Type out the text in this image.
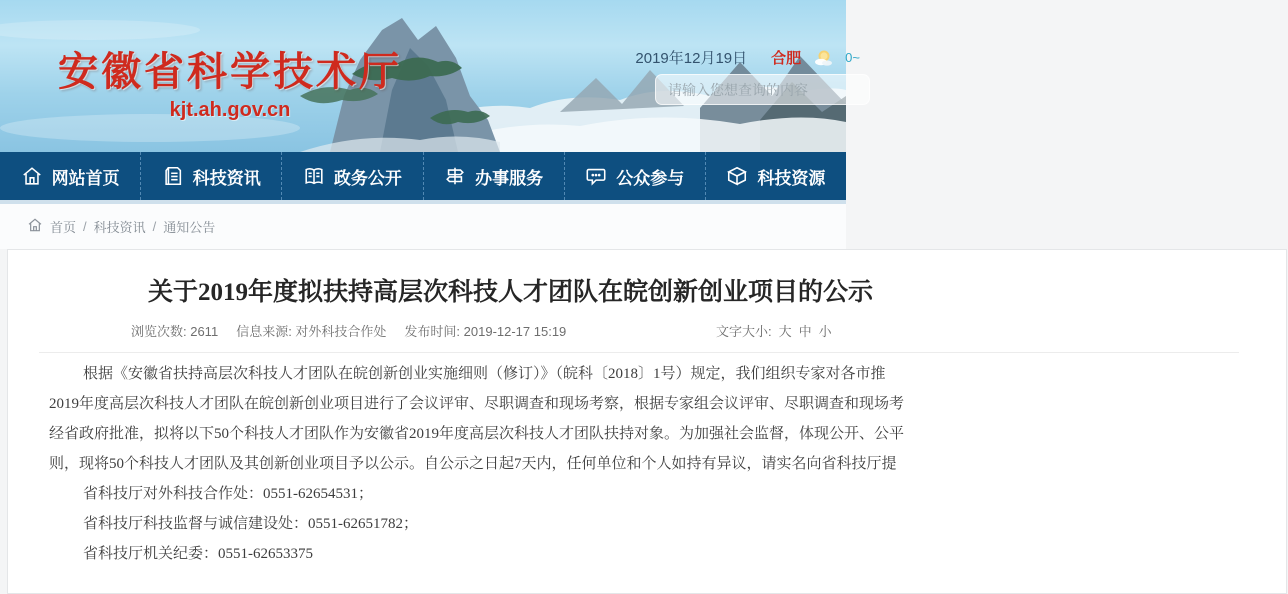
安徽省科学技术厅
kjt.ah.gov.cn
2019年12月19日 合肥	0~
请输入您想查询的内容
网站首页	科技资讯	政务公开	办事服务	公众参与	科技资源
首页 / 科技资讯 / 通知公告
关于2019年度拟扶持高层次科技人才团队在皖创新创业项目的公示
浏览次数: 2611 信息来源: 对外科技合作处 发布时间: 2019-12-17 15:19	文字大小: 大 中 小
根据《安徽省扶持高层次科技人才团队在皖创新创业实施细则（修订）》（皖科〔2018〕1号）规定，我们组织专家对各市推
2019年度高层次科技人才团队在皖创新创业项目进行了会议评审、尽职调查和现场考察，根据专家组会议评审、尽职调查和现场考
经省政府批准，拟将以下50个科技人才团队作为安徽省2019年度高层次科技人才团队扶持对象。为加强社会监督，体现公开、公平
则，现将50个科技人才团队及其创新创业项目予以公示。自公示之日起7天内，任何单位和个人如持有异议，请实名向省科技厅提
省科技厅对外科技合作处：0551-62654531；
省科技厅科技监督与诚信建设处：0551-62651782；
省科技厅机关纪委：0551-62653375
